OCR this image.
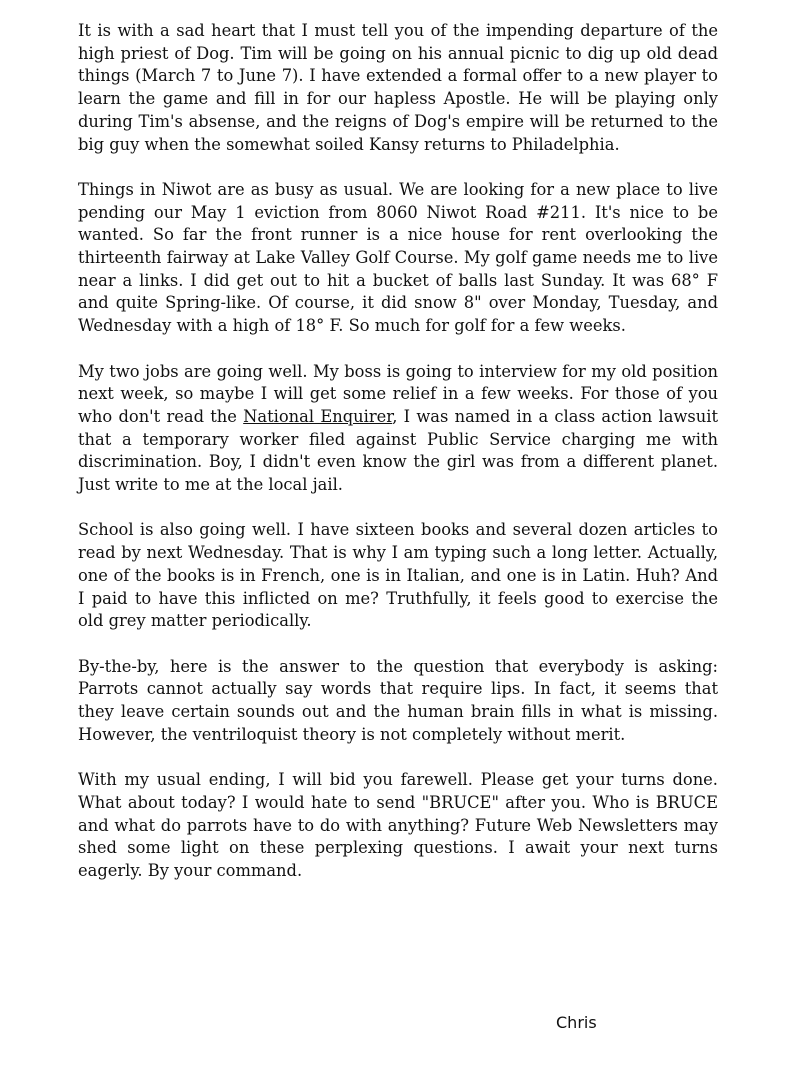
It is with a sad heart that I must tell you of the impending departure of the high priest of Dog. Tim will be going on his annual picnic to dig up old dead things (March 7 to June 7). I have extended a formal offer to a new player to learn the game and fill in for our hapless Apostle. He will be playing only during Tim's absense, and the reigns of Dog's empire will be returned to the big guy when the somewhat soiled Kansy returns to Philadelphia.

Things in Niwot are as busy as usual. We are looking for a new place to live pending our May 1 eviction from 8060 Niwot Road #211. It's nice to be wanted. So far the front runner is a nice house for rent overlooking the thirteenth fairway at Lake Valley Golf Course. My golf game needs me to live near a links. I did get out to hit a bucket of balls last Sunday. It was 68° F and quite Spring-like. Of course, it did snow 8" over Monday, Tuesday, and Wednesday with a high of 18° F. So much for golf for a few weeks.

My two jobs are going well. My boss is going to interview for my old position next week, so maybe I will get some relief in a few weeks. For those of you who don't read the National Enquirer, I was named in a class action lawsuit that a temporary worker filed against Public Service charging me with discrimination. Boy, I didn't even know the girl was from a different planet. Just write to me at the local jail.

School is also going well. I have sixteen books and several dozen articles to read by next Wednesday. That is why I am typing such a long letter. Actually, one of the books is in French, one is in Italian, and one is in Latin. Huh? And I paid to have this inflicted on me? Truthfully, it feels good to exercise the old grey matter periodically.

By-the-by, here is the answer to the question that everybody is asking: Parrots cannot actually say words that require lips. In fact, it seems that they leave certain sounds out and the human brain fills in what is missing. However, the ventriloquist theory is not completely without merit.

With my usual ending, I will bid you farewell. Please get your turns done. What about today? I would hate to send "BRUCE" after you. Who is BRUCE and what do parrots have to do with anything? Future Web Newsletters may shed some light on these perplexing questions. I await your next turns eagerly. By your command.

Chris
